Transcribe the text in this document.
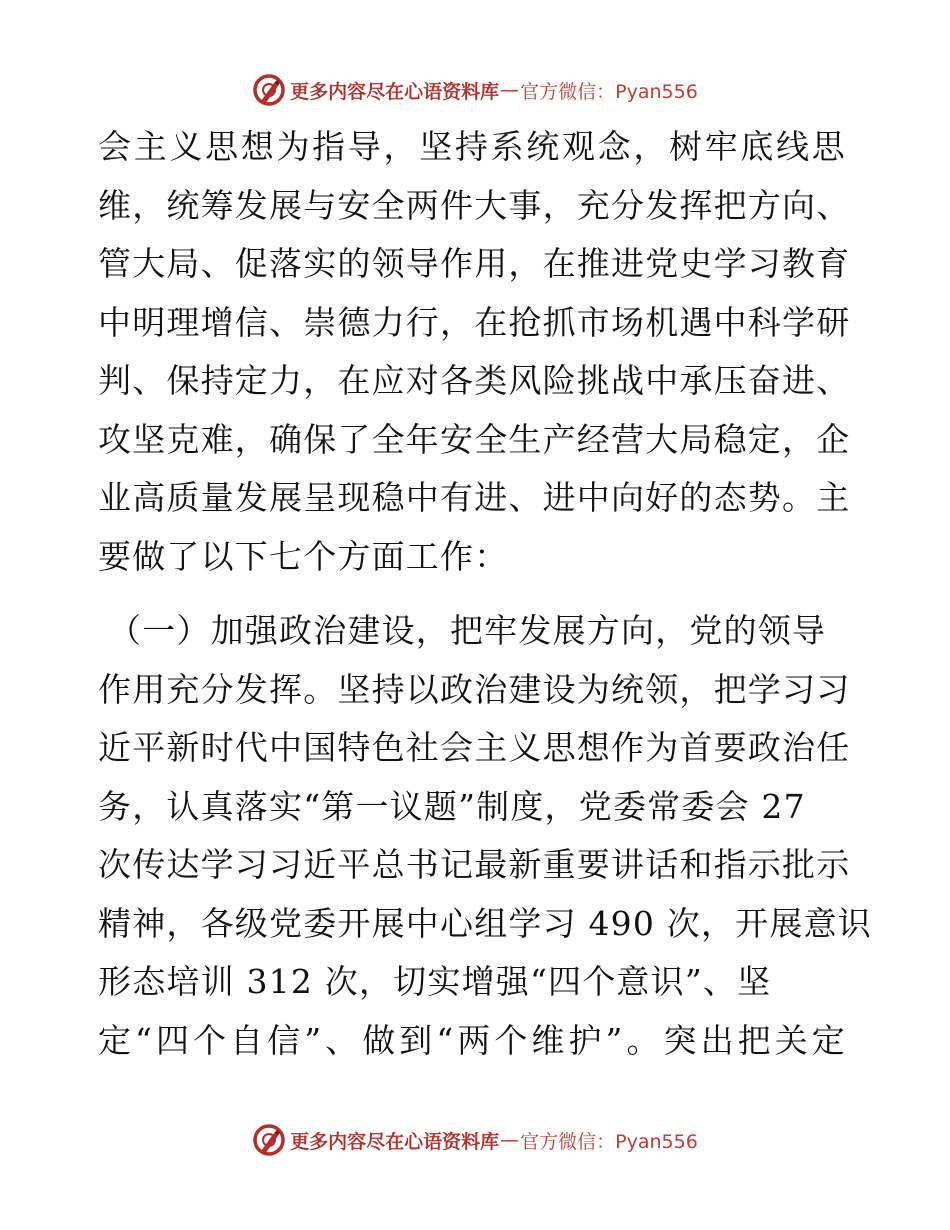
更多内容尽在心语资料库 — 官方微信：Pyan556
会主义思想为指导，坚持系统观念，树牢底线思
维，统筹发展与安全两件大事，充分发挥把方向、
管大局、促落实的领导作用，在推进党史学习教育
中明理增信、崇德力行，在抢抓市场机遇中科学研
判、保持定力，在应对各类风险挑战中承压奋进、
攻坚克难，确保了全年安全生产经营大局稳定，企
业高质量发展呈现稳中有进、进中向好的态势。主
要做了以下七个方面工作：
（一）加强政治建设，把牢发展方向，党的领导
作用充分发挥。坚持以政治建设为统领，把学习习
近平新时代中国特色社会主义思想作为首要政治任
务，认真落实“第一议题”制度，党委常委会 27
次传达学习习近平总书记最新重要讲话和指示批示
精神，各级党委开展中心组学习 490 次，开展意识
形态培训 312 次，切实增强“四个意识”、坚
定“四个自信”、做到“两个维护”。突出把关定
更多内容尽在心语资料库 — 官方微信：Pyan556
